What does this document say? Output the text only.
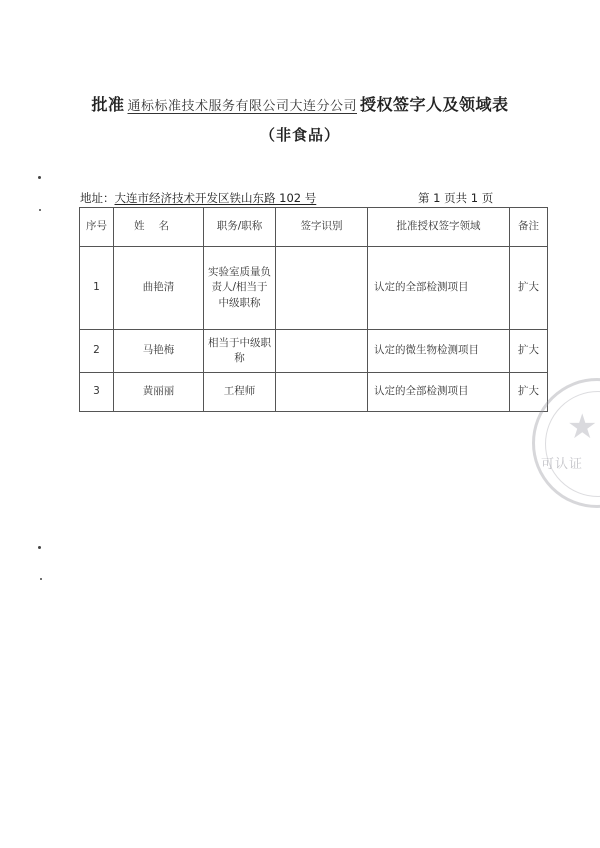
批准 通标标准技术服务有限公司大连分公司 授权签字人及领域表
（非食品）
地址：大连市经济技术开发区铁山东路 102 号	第 1 页共 1 页
序号	姓名	职务/职称	签字识别	批准授权签字领域	备注
1	曲艳清	实验室质量负责人/相当于中级职称		认定的全部检测项目	扩大
2	马艳梅	相当于中级职称		认定的微生物检测项目	扩大
3	黄丽丽	工程师		认定的全部检测项目	扩大
★
可认证
